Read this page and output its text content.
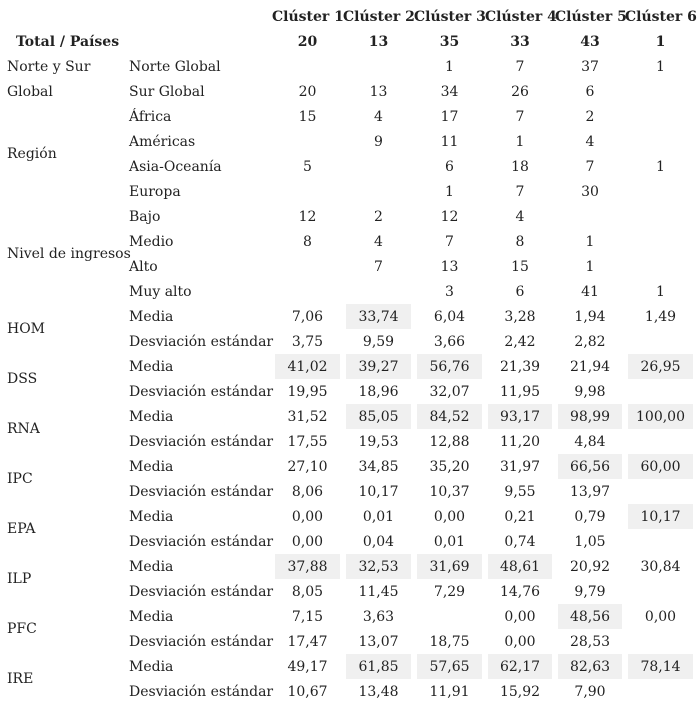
		Clúster 1	Clúster 2	Clúster 3	Clúster 4	Clúster 5	Clúster 6
Total / Países		20	13	35	33	43	1
Norte y Sur	Norte Global			1	7	37	1
Global	Sur Global	20	13	34	26	6	
Región	África	15	4	17	7	2	
	Américas		9	11	1	4	
	Asia-Oceanía	5		6	18	7	1
	Europa			1	7	30	
Nivel de ingresos	Bajo	12	2	12	4		
	Medio	8	4	7	8	1	
	Alto		7	13	15	1	
	Muy alto			3	6	41	1
HOM	Media	7,06	33,74	6,04	3,28	1,94	1,49
	Desviación estándar	3,75	9,59	3,66	2,42	2,82	
DSS	Media	41,02	39,27	56,76	21,39	21,94	26,95
	Desviación estándar	19,95	18,96	32,07	11,95	9,98	
RNA	Media	31,52	85,05	84,52	93,17	98,99	100,00
	Desviación estándar	17,55	19,53	12,88	11,20	4,84	
IPC	Media	27,10	34,85	35,20	31,97	66,56	60,00
	Desviación estándar	8,06	10,17	10,37	9,55	13,97	
EPA	Media	0,00	0,01	0,00	0,21	0,79	10,17
	Desviación estándar	0,00	0,04	0,01	0,74	1,05	
ILP	Media	37,88	32,53	31,69	48,61	20,92	30,84
	Desviación estándar	8,05	11,45	7,29	14,76	9,79	
PFC	Media	7,15	3,63		0,00	48,56	0,00
	Desviación estándar	17,47	13,07	18,75	0,00	28,53	
IRE	Media	49,17	61,85	57,65	62,17	82,63	78,14
	Desviación estándar	10,67	13,48	11,91	15,92	7,90	
